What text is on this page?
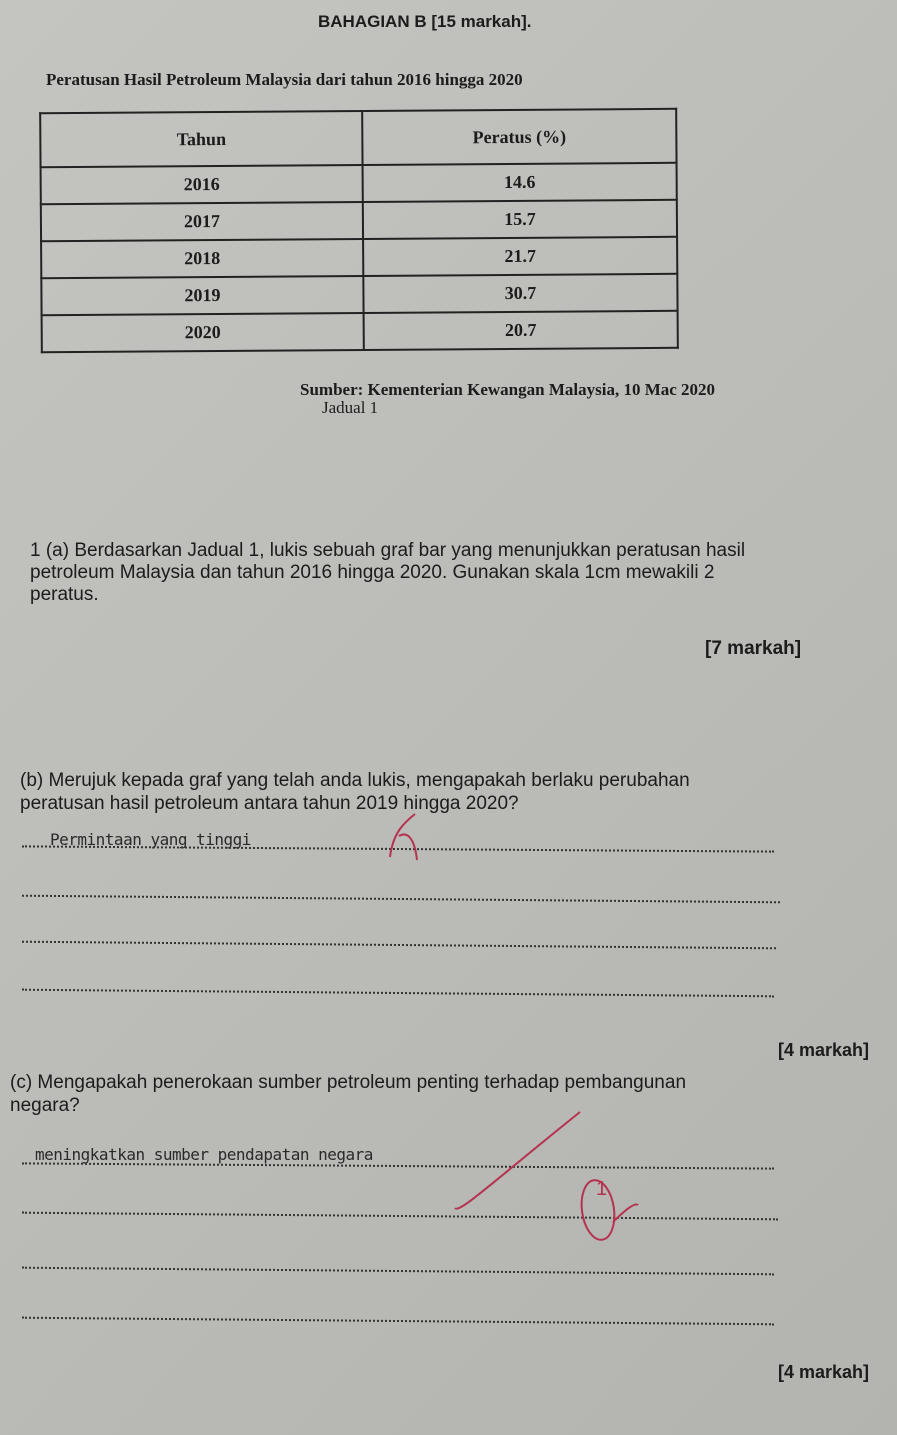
BAHAGIAN B [15 markah].
Peratusan Hasil Petroleum Malaysia dari tahun 2016 hingga 2020
Tahun	Peratus (%)
2016	14.6
2017	15.7
2018	21.7
2019	30.7
2020	20.7
Sumber: Kementerian Kewangan Malaysia, 10 Mac 2020
Jadual 1
1 (a) Berdasarkan Jadual 1, lukis sebuah graf bar yang menunjukkan peratusan hasil
petroleum Malaysia dan tahun 2016 hingga 2020. Gunakan skala 1cm mewakili 2
peratus.
[7 markah]
(b) Merujuk kepada graf yang telah anda lukis, mengapakah berlaku perubahan
peratusan hasil petroleum antara tahun 2019 hingga 2020?
Permintaan yang tinggi
[4 markah]
(c) Mengapakah penerokaan sumber petroleum penting terhadap pembangunan
negara?
meningkatkan sumber pendapatan negara
1
[4 markah]
